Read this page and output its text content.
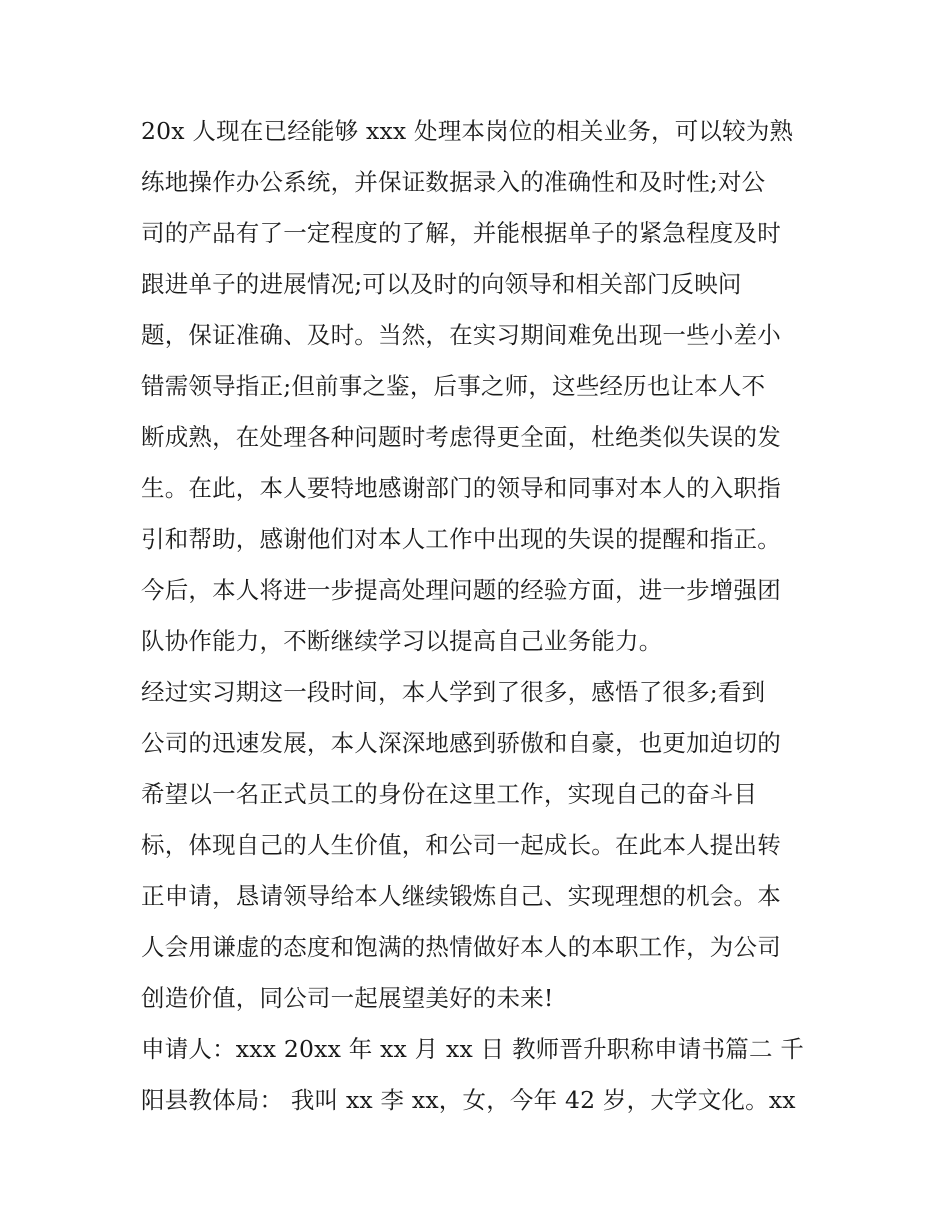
20x 人现在已经能够 xxx 处理本岗位的相关业务，可以较为熟
练地操作办公系统，并保证数据录入的准确性和及时性;对公
司的产品有了一定程度的了解，并能根据单子的紧急程度及时
跟进单子的进展情况;可以及时的向领导和相关部门反映问
题，保证准确、及时。当然，在实习期间难免出现一些小差小
错需领导指正;但前事之鉴，后事之师，这些经历也让本人不
断成熟，在处理各种问题时考虑得更全面，杜绝类似失误的发
生。在此，本人要特地感谢部门的领导和同事对本人的入职指
引和帮助，感谢他们对本人工作中出现的失误的提醒和指正。
今后，本人将进一步提高处理问题的经验方面，进一步增强团
队协作能力，不断继续学习以提高自己业务能力。
经过实习期这一段时间，本人学到了很多，感悟了很多;看到
公司的迅速发展，本人深深地感到骄傲和自豪，也更加迫切的
希望以一名正式员工的身份在这里工作，实现自己的奋斗目
标，体现自己的人生价值，和公司一起成长。在此本人提出转
正申请，恳请领导给本人继续锻炼自己、实现理想的机会。本
人会用谦虚的态度和饱满的热情做好本人的本职工作，为公司
创造价值，同公司一起展望美好的未来!
申请人：xxx 20xx 年 xx 月 xx 日 教师晋升职称申请书篇二 千
阳县教体局： 我叫 xx 李 xx，女，今年 42 岁，大学文化。xx
